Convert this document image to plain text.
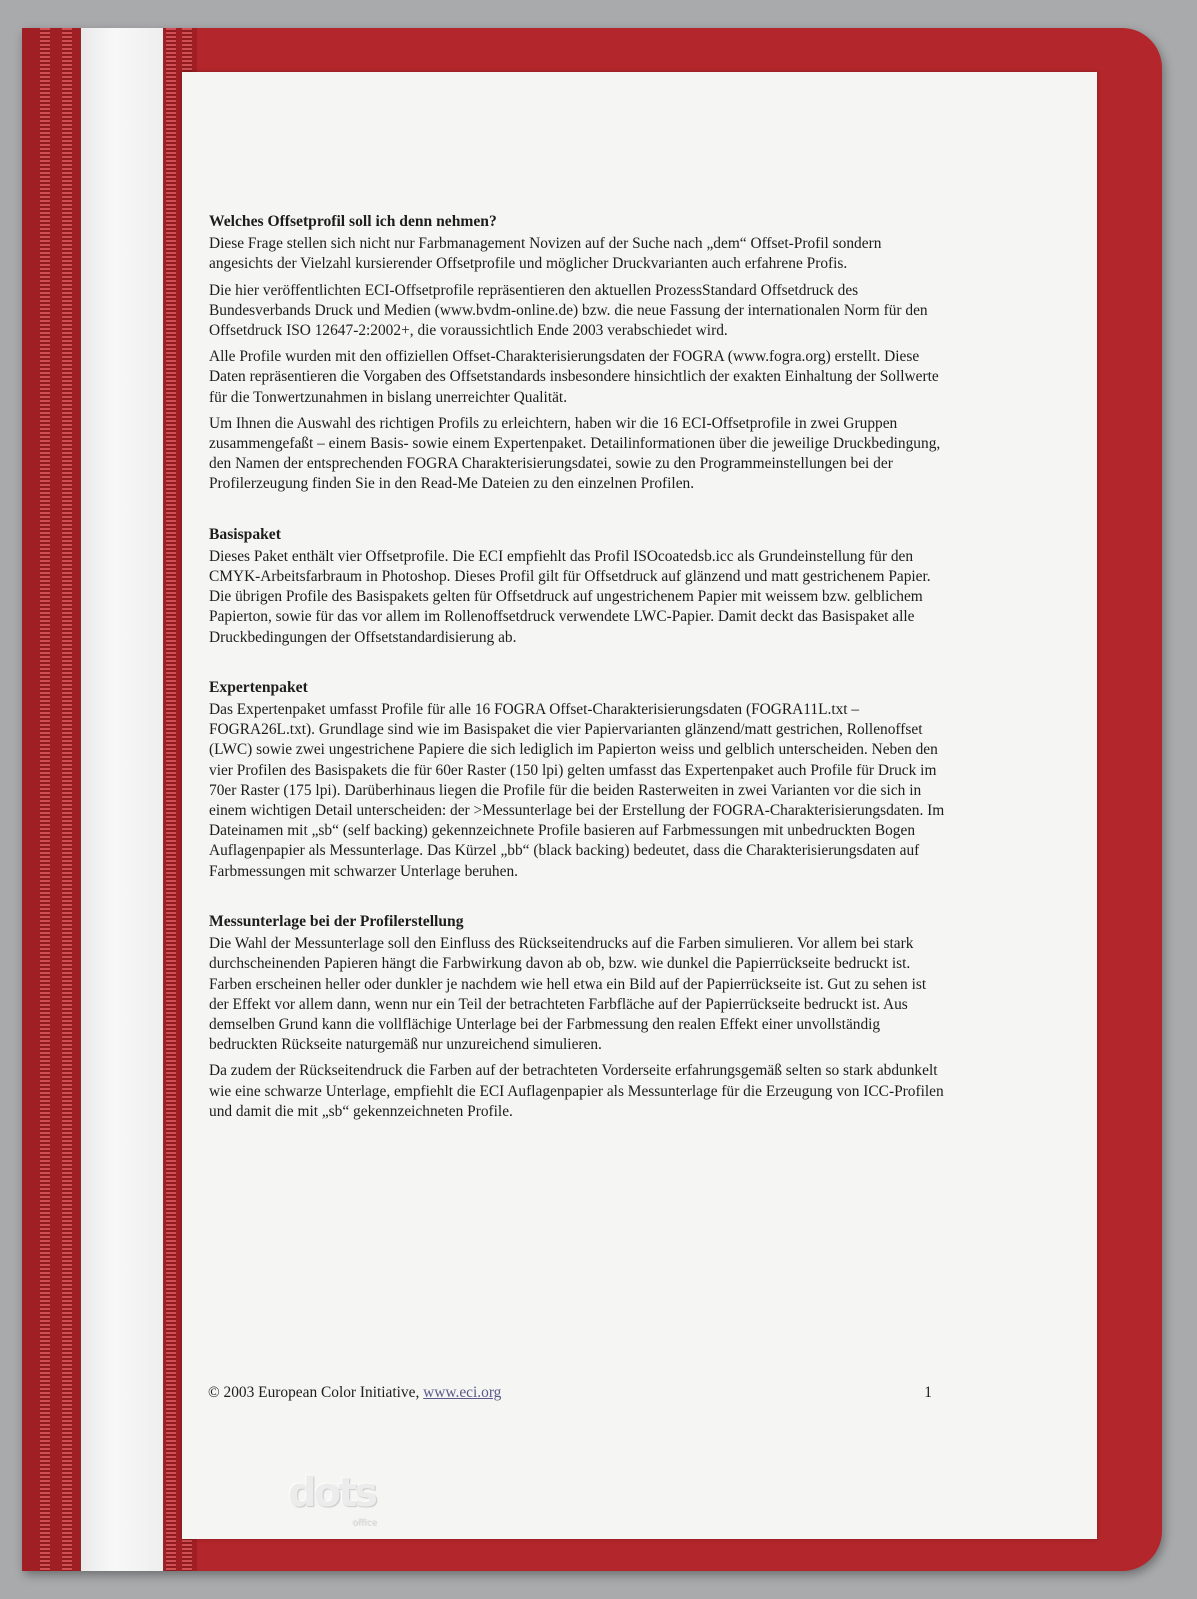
Welches Offsetprofil soll ich denn nehmen?

Diese Frage stellen sich nicht nur Farbmanagement Novizen auf der Suche nach „dem“ Offset-Profil sondern angesichts der Vielzahl kursierender Offsetprofile und möglicher Druckvarianten auch erfahrene Profis.

Die hier veröffentlichten ECI-Offsetprofile repräsentieren den aktuellen ProzessStandard Offsetdruck des Bundesverbands Druck und Medien (www.bvdm-online.de) bzw. die neue Fassung der internationalen Norm für den Offsetdruck ISO 12647-2:2002+, die voraussichtlich Ende 2003 verabschiedet wird.

Alle Profile wurden mit den offiziellen Offset-Charakterisierungsdaten der FOGRA (www.fogra.org) erstellt. Diese Daten repräsentieren die Vorgaben des Offsetstandards insbesondere hinsichtlich der exakten Einhaltung der Sollwerte für die Tonwertzunahmen in bislang unerreichter Qualität.

Um Ihnen die Auswahl des richtigen Profils zu erleichtern, haben wir die 16 ECI-Offsetprofile in zwei Gruppen zusammengefaßt – einem Basis- sowie einem Expertenpaket. Detailinformationen über die jeweilige Druckbedingung, den Namen der entsprechenden FOGRA Charakterisierungsdatei, sowie zu den Programmeinstellungen bei der Profilerzeugung finden Sie in den Read-Me Dateien zu den einzelnen Profilen.

Basispaket

Dieses Paket enthält vier Offsetprofile. Die ECI empfiehlt das Profil ISOcoatedsb.icc als Grundeinstellung für den CMYK-Arbeitsfarbraum in Photoshop. Dieses Profil gilt für Offsetdruck auf glänzend und matt gestrichenem Papier. Die übrigen Profile des Basispakets gelten für Offsetdruck auf ungestrichenem Papier mit weissem bzw. gelblichem Papierton, sowie für das vor allem im Rollenoffsetdruck verwendete LWC-Papier. Damit deckt das Basispaket alle Druckbedingungen der Offsetstandardisierung ab.

Expertenpaket

Das Expertenpaket umfasst Profile für alle 16 FOGRA Offset-Charakterisierungsdaten (FOGRA11L.txt – FOGRA26L.txt). Grundlage sind wie im Basispaket die vier Papiervarianten glänzend/matt gestrichen, Rollenoffset (LWC) sowie zwei ungestrichene Papiere die sich lediglich im Papierton weiss und gelblich unterscheiden. Neben den vier Profilen des Basispakets die für 60er Raster (150 lpi) gelten umfasst das Expertenpaket auch Profile für Druck im 70er Raster (175 lpi). Darüberhinaus liegen die Profile für die beiden Rasterweiten in zwei Varianten vor die sich in einem wichtigen Detail unterscheiden: der >Messunterlage bei der Erstellung der FOGRA-Charakterisierungsdaten. Im Dateinamen mit „sb“ (self backing) gekennzeichnete Profile basieren auf Farbmessungen mit unbedruckten Bogen Auflagenpapier als Messunterlage. Das Kürzel „bb“ (black backing) bedeutet, dass die Charakterisierungsdaten auf Farbmessungen mit schwarzer Unterlage beruhen.

Messunterlage bei der Profilerstellung

Die Wahl der Messunterlage soll den Einfluss des Rückseitendrucks auf die Farben simulieren. Vor allem bei stark durchscheinenden Papieren hängt die Farbwirkung davon ab ob, bzw. wie dunkel die Papierrückseite bedruckt ist. Farben erscheinen heller oder dunkler je nachdem wie hell etwa ein Bild auf der Papierrückseite ist. Gut zu sehen ist der Effekt vor allem dann, wenn nur ein Teil der betrachteten Farbfläche auf der Papierrückseite bedruckt ist. Aus demselben Grund kann die vollflächige Unterlage bei der Farbmessung den realen Effekt einer unvollständig bedruckten Rückseite naturgemäß nur unzureichend simulieren.

Da zudem der Rückseitendruck die Farben auf der betrachteten Vorderseite erfahrungsgemäß selten so stark abdunkelt wie eine schwarze Unterlage, empfiehlt die ECI Auflagenpapier als Messunterlage für die Erzeugung von ICC-Profilen und damit die mit „sb“ gekennzeichneten Profile.

© 2003 European Color Initiative, www.eci.org	1
dots
office
